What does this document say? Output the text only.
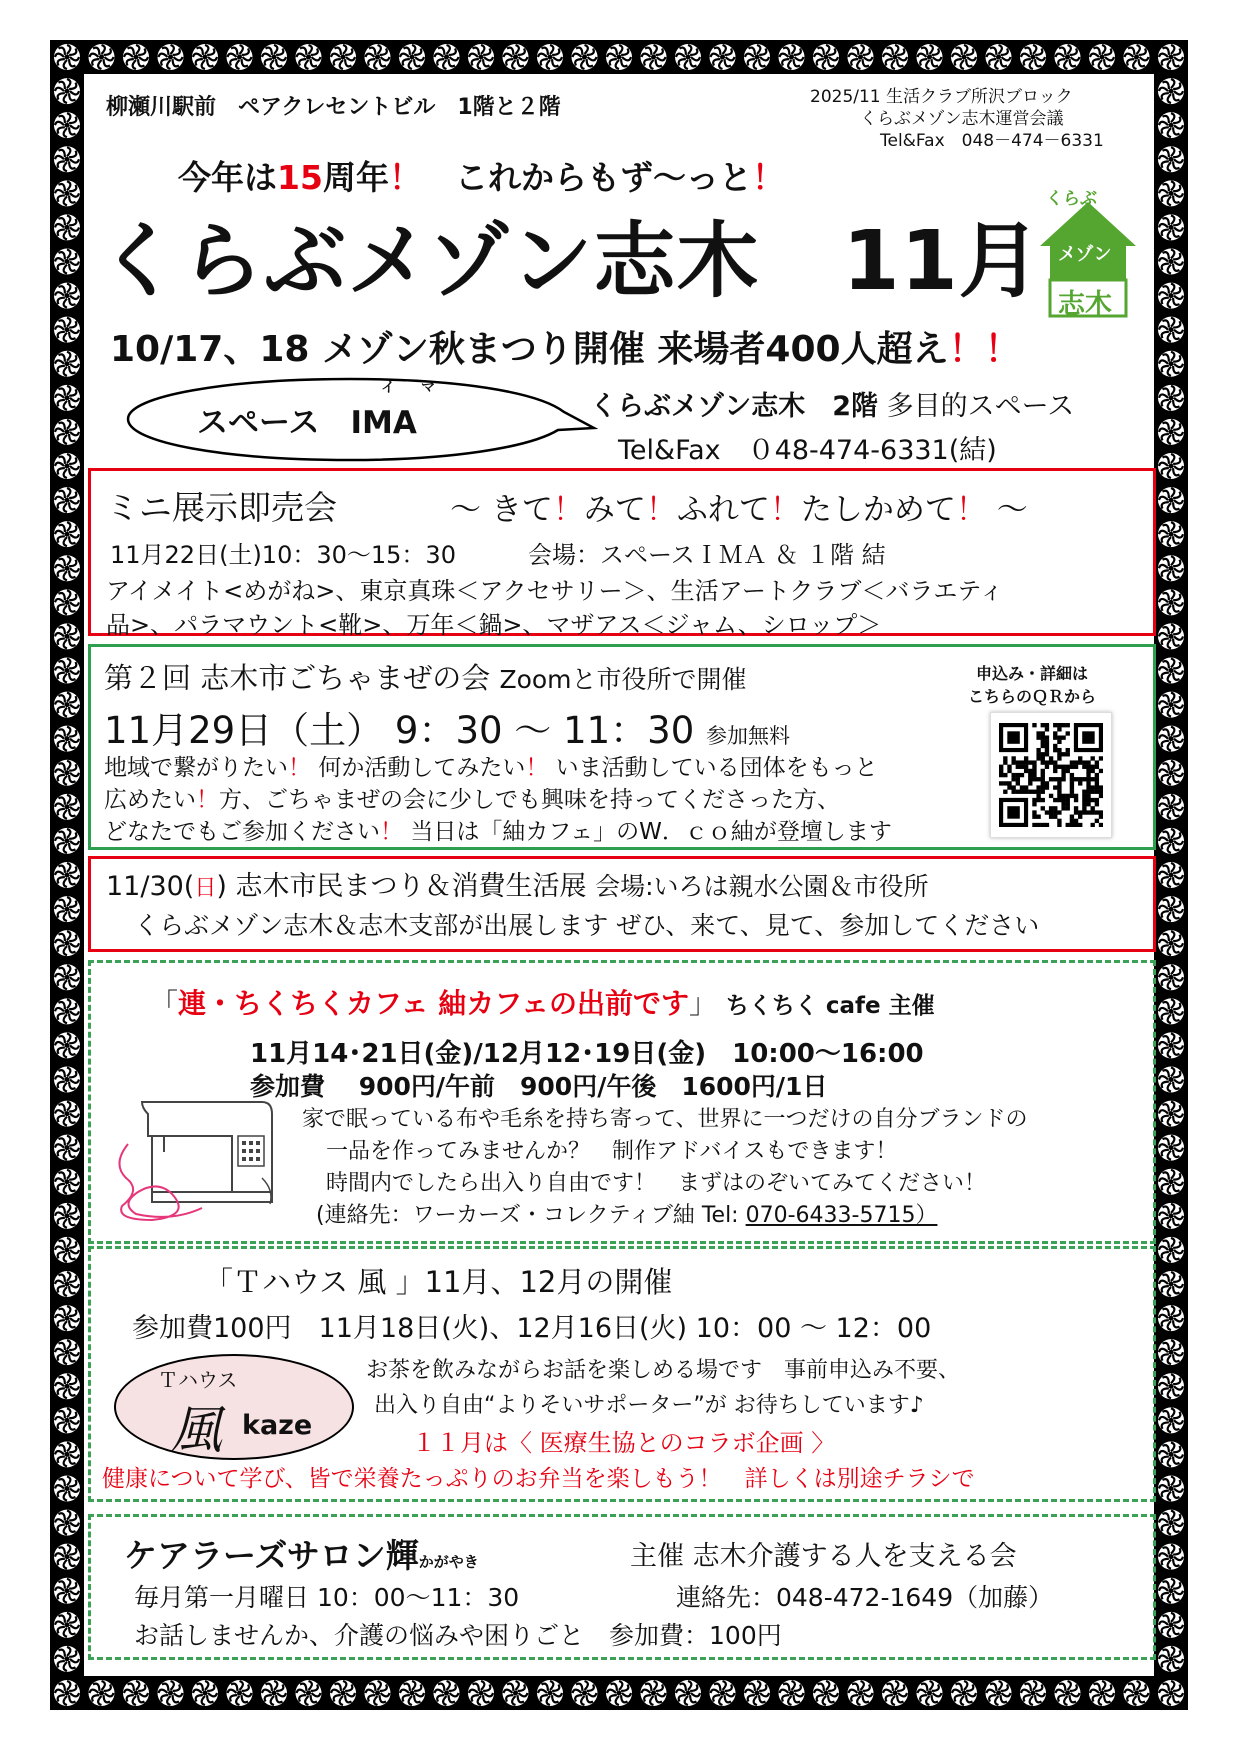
柳瀬川駅前　ペアクレセントビル　1階と２階	2025/11 生活クラブ所沢ブロック
くらぶメゾン志木運営会議
Tel&Fax　048－474－6331
今年は15周年！　これからもず～っと！
くらぶメゾン志木　11月
くらぶ
メゾン
志木
10/17、18 メゾン秋まつり開催 来場者400人超え！！
イ　マ
スペース　IMA	くらぶメゾン志木　2階 多目的スペース
Tel&Fax　０48-474-6331(結)
ミニ展示即売会	～ きて！みて！ふれて！たしかめて！ ～
11月22日(土)10：30～15：30　　　会場：スペースＩＭＡ ＆ １階 結
アイメイト<めがね>、東京真珠＜アクセサリー＞、生活アートクラブ＜バラエティ
品>、パラマウント<靴>、万年＜鍋>、マザアス＜ジャム、シロップ＞
第２回 志木市ごちゃまぜの会 Zoomと市役所で開催	申込み・詳細は
こちらのＱＲから
11月29日（土） 9：30 ～ 11：30 参加無料
地域で繋がりたい！ 何か活動してみたい！ いま活動している団体をもっと
広めたい！方、ごちゃまぜの会に少しでも興味を持ってくださった方、
どなたでもご参加ください！ 当日は「紬カフェ」のW．ｃｏ紬が登壇します
11/30(日) 志木市民まつり＆消費生活展 会場:いろは親水公園＆市役所
くらぶメゾン志木＆志木支部が出展します ぜひ、来て、見て、参加してください
「連・ちくちくカフェ 紬カフェの出前です」 ちくちく cafe 主催
11月14･21日(金)/12月12･19日(金)　10:00～16:00
参加費　 900円/午前　900円/午後　1600円/1日
家で眠っている布や毛糸を持ち寄って、世界に一つだけの自分ブランドの
一品を作ってみませんか？　制作アドバイスもできます！
時間内でしたら出入り自由です！　まずはのぞいてみてください！
(連絡先：ワーカーズ・コレクティブ紬 Tel: 070-6433-5715）
「Ｔハウス 風 」11月、12月の開催
参加費100円　11月18日(火)、12月16日(火) 10：00 ～ 12：00
Ｔハウス
風 kaze
お茶を飲みながらお話を楽しめる場です　事前申込み不要、
出入り自由“よりそいサポーター”が お待ちしています♪
１１月は〈 医療生協とのコラボ企画 〉
健康について学び、皆で栄養たっぷりのお弁当を楽しもう！　詳しくは別途チラシで
ケアラーズサロン輝かがやき	主催 志木介護する人を支える会
毎月第一月曜日 10：00～11：30	連絡先：048-472-1649（加藤）
お話しませんか、介護の悩みや困りごと　参加費：100円
